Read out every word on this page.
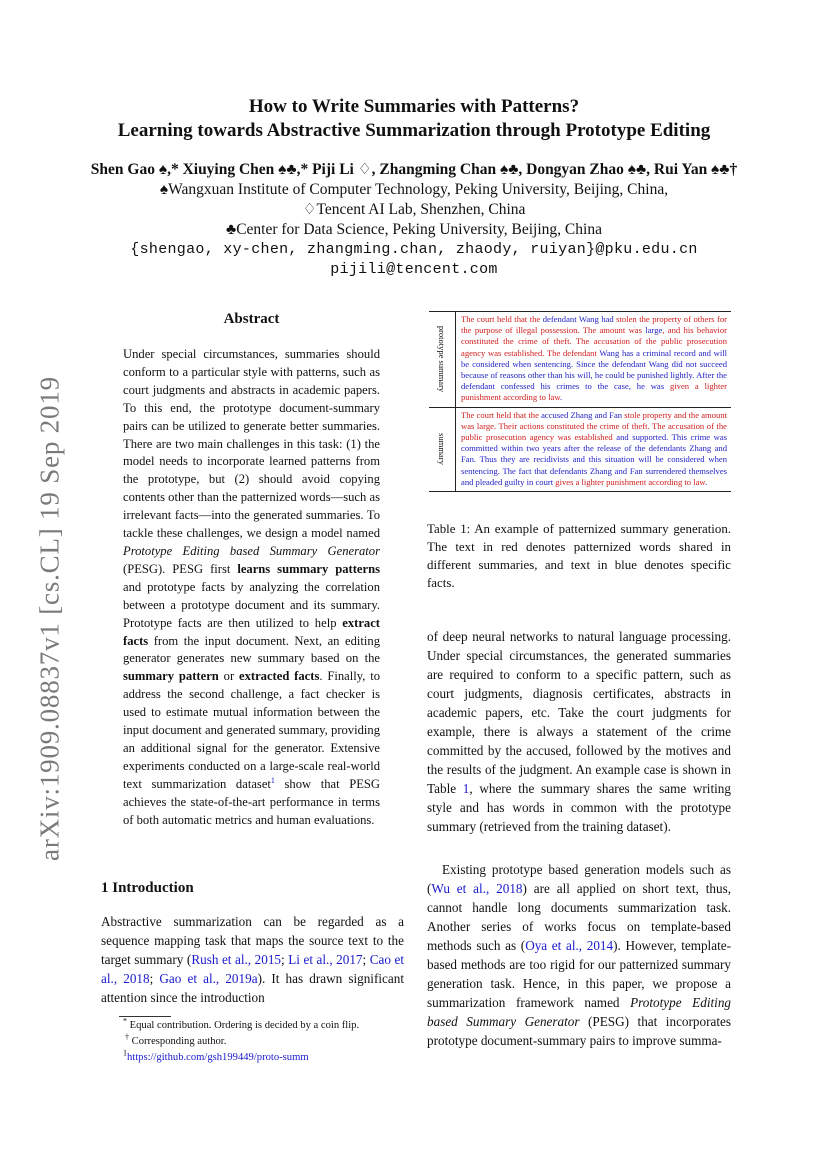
arXiv:1909.08837v1 [cs.CL] 19 Sep 2019
How to Write Summaries with Patterns?
Learning towards Abstractive Summarization through Prototype Editing
Shen Gao ♠,* Xiuying Chen ♠♣,* Piji Li ♢, Zhangming Chan ♠♣, Dongyan Zhao ♠♣, Rui Yan ♠♣†
♠Wangxuan Institute of Computer Technology, Peking University, Beijing, China,
♢Tencent AI Lab, Shenzhen, China
♣Center for Data Science, Peking University, Beijing, China
{shengao, xy-chen, zhangming.chan, zhaody, ruiyan}@pku.edu.cn
pijili@tencent.com
Abstract
Under special circumstances, summaries should conform to a particular style with patterns, such as court judgments and abstracts in academic papers. To this end, the prototype document-summary pairs can be utilized to generate better summaries. There are two main challenges in this task: (1) the model needs to incorporate learned patterns from the prototype, but (2) should avoid copying contents other than the patternized words—such as irrelevant facts—into the generated summaries. To tackle these challenges, we design a model named Prototype Editing based Summary Generator (PESG). PESG first learns summary patterns and prototype facts by analyzing the correlation between a prototype document and its summary. Prototype facts are then utilized to help extract facts from the input document. Next, an editing generator generates new summary based on the summary pattern or extracted facts. Finally, to address the second challenge, a fact checker is used to estimate mutual information between the input document and generated summary, providing an additional signal for the generator. Extensive experiments conducted on a large-scale real-world text summarization dataset$^1$ show that PESG achieves the state-of-the-art performance in terms of both automatic metrics and human evaluations.
1 Introduction
Abstractive summarization can be regarded as a sequence mapping task that maps the source text to the target summary (Rush et al., 2015; Li et al., 2017; Cao et al., 2018; Gao et al., 2019a). It has drawn significant attention since the introduction
* Equal contribution. Ordering is decided by a coin flip.
† Corresponding author.
$^1$https://github.com/gsh199449/proto-summ
prototype summary
The court held that the defendant Wang had stolen the property of others for the purpose of illegal possession. The amount was large, and his behavior constituted the crime of theft. The accusation of the public prosecution agency was established. The defendant Wang has a criminal record and will be considered when sentencing. Since the defendant Wang did not succeed because of reasons other than his will, he could be punished lightly. After the defendant confessed his crimes to the case, he was given a lighter punishment according to law.
summary
The court held that the accused Zhang and Fan stole property and the amount was large. Their actions constituted the crime of theft. The accusation of the public prosecution agency was established and supported. This crime was committed within two years after the release of the defendants Zhang and Fan. Thus they are recidivists and this situation will be considered when sentencing. The fact that defendants Zhang and Fan surrendered themselves and pleaded guilty in court gives a lighter punishment according to law.
Table 1: An example of patternized summary generation. The text in red denotes patternized words shared in different summaries, and text in blue denotes specific facts.
of deep neural networks to natural language processing. Under special circumstances, the generated summaries are required to conform to a specific pattern, such as court judgments, diagnosis certificates, abstracts in academic papers, etc. Take the court judgments for example, there is always a statement of the crime committed by the accused, followed by the motives and the results of the judgment. An example case is shown in Table 1, where the summary shares the same writing style and has words in common with the prototype summary (retrieved from the training dataset).
Existing prototype based generation models such as (Wu et al., 2018) are all applied on short text, thus, cannot handle long documents summarization task. Another series of works focus on template-based methods such as (Oya et al., 2014). However, template-based methods are too rigid for our patternized summary generation task. Hence, in this paper, we propose a summarization framework named Prototype Editing based Summary Generator (PESG) that incorporates prototype document-summary pairs to improve summa-
